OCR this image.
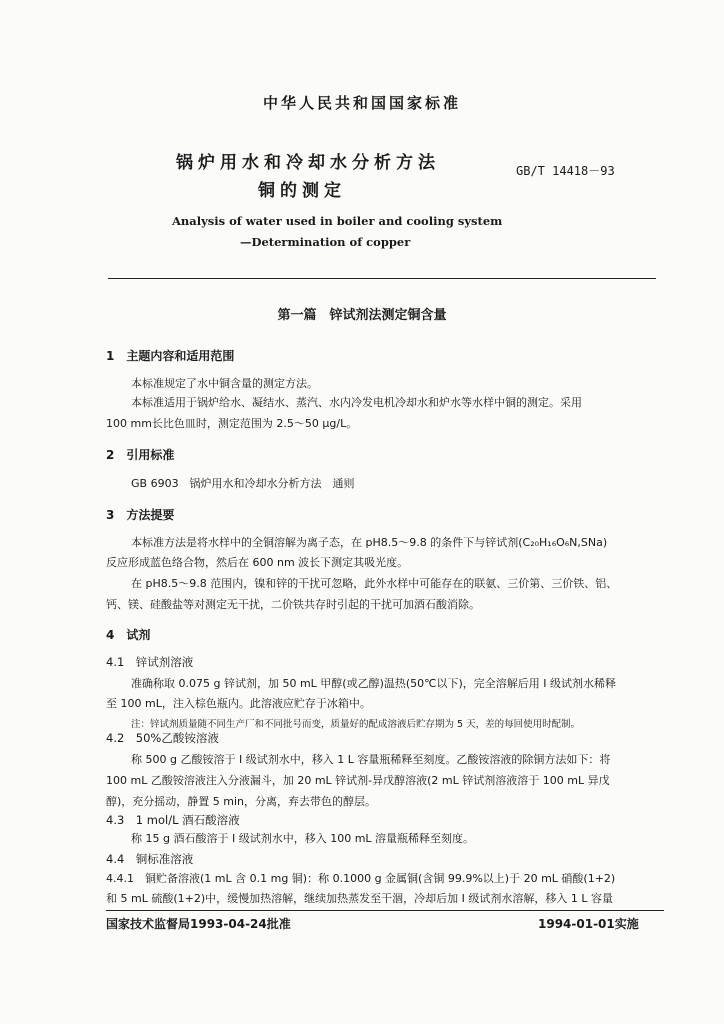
中华人民共和国国家标准
锅炉用水和冷却水分析方法
铜的测定
GB/T 14418－93
Analysis of water used in boiler and cooling system
—Determination of copper
第一篇　锌试剂法测定铜含量
1　主题内容和适用范围
本标准规定了水中铜含量的测定方法。
本标准适用于锅炉给水、凝结水、蒸汽、水内冷发电机冷却水和炉水等水样中铜的测定。采用
100 mm长比色皿时，测定范围为 2.5～50 μg/L。
2　引用标准
GB 6903　锅炉用水和冷却水分析方法　通则
3　方法提要
本标准方法是将水样中的全铜溶解为离子态，在 pH8.5～9.8 的条件下与锌试剂(C₂₀H₁₆O₆N,SNa)
反应形成蓝色络合物，然后在 600 nm 波长下测定其吸光度。
在 pH8.5～9.8 范围内，镍和锌的干扰可忽略，此外水样中可能存在的联氨、三价第、三价铁、铝、
钙、镁、硅酸盐等对测定无干扰，二价铁共存时引起的干扰可加酒石酸消除。
4　试剂
4.1　锌试剂溶液
准确称取 0.075 g 锌试剂，加 50 mL 甲醇(或乙醇)温热(50℃以下)，完全溶解后用 I 级试剂水稀释
至 100 mL，注入棕色瓶内。此溶液应贮存于冰箱中。
注：锌试剂质量随不同生产厂和不同批号而变，质量好的配成溶液后贮存期为 5 天，差的每回使用时配制。
4.2　50%乙酸铵溶液
称 500 g 乙酸铵溶于 I 级试剂水中，移入 1 L 容量瓶稀释至刻度。乙酸铵溶液的除铜方法如下：将
100 mL 乙酸铵溶液注入分液漏斗，加 20 mL 锌试剂-异戊醇溶液(2 mL 锌试剂溶液溶于 100 mL 异戊
醇)，充分摇动，静置 5 min，分离，弃去带色的醇层。
4.3　1 mol/L 酒石酸溶液
称 15 g 酒石酸溶于 I 级试剂水中，移入 100 mL 溶量瓶稀释至刻度。
4.4　铜标准溶液
4.4.1　铜贮备溶液(1 mL 含 0.1 mg 铜)：称 0.1000 g 金属铜(含铜 99.9%以上)于 20 mL 硝酸(1+2)
和 5 mL 硫酸(1+2)中，缓慢加热溶解，继续加热蒸发至干涸，冷却后加 I 级试剂水溶解，移入 1 L 容量
国家技术监督局1993-04-24批准	1994-01-01实施
